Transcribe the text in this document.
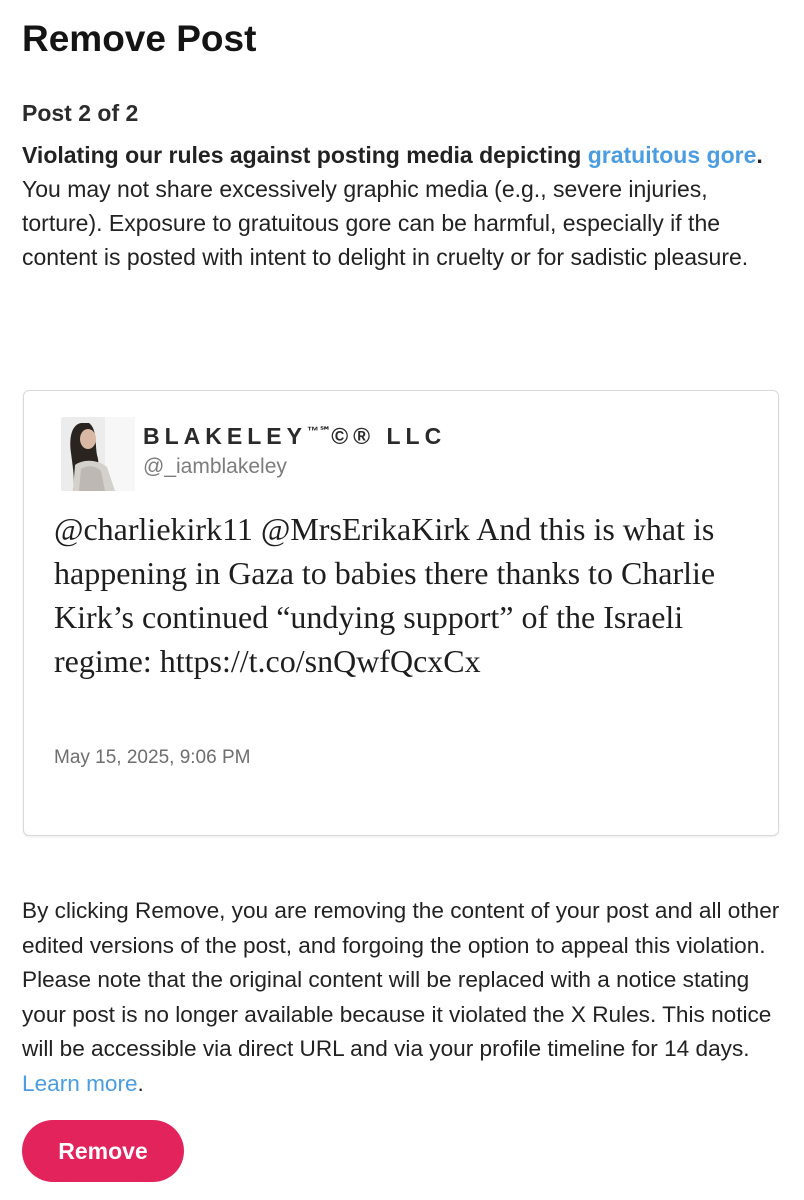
Remove Post
Post 2 of 2
Violating our rules against posting media depicting gratuitous gore.
You may not share excessively graphic media (e.g., severe injuries, torture). Exposure to gratuitous gore can be harmful, especially if the content is posted with intent to delight in cruelty or for sadistic pleasure.
BLAKELEY™℠©® LLC
@_iamblakeley
@charliekirk11 @MrsErikaKirk And this is what is happening in Gaza to babies there thanks to Charlie Kirk’s continued “undying support” of the Israeli regime: https://t.co/snQwfQcxCx
May 15, 2025, 9:06 PM
By clicking Remove, you are removing the content of your post and all other edited versions of the post, and forgoing the option to appeal this violation. Please note that the original content will be replaced with a notice stating your post is no longer available because it violated the X Rules. This notice will be accessible via direct URL and via your profile timeline for 14 days. Learn more.
Remove
